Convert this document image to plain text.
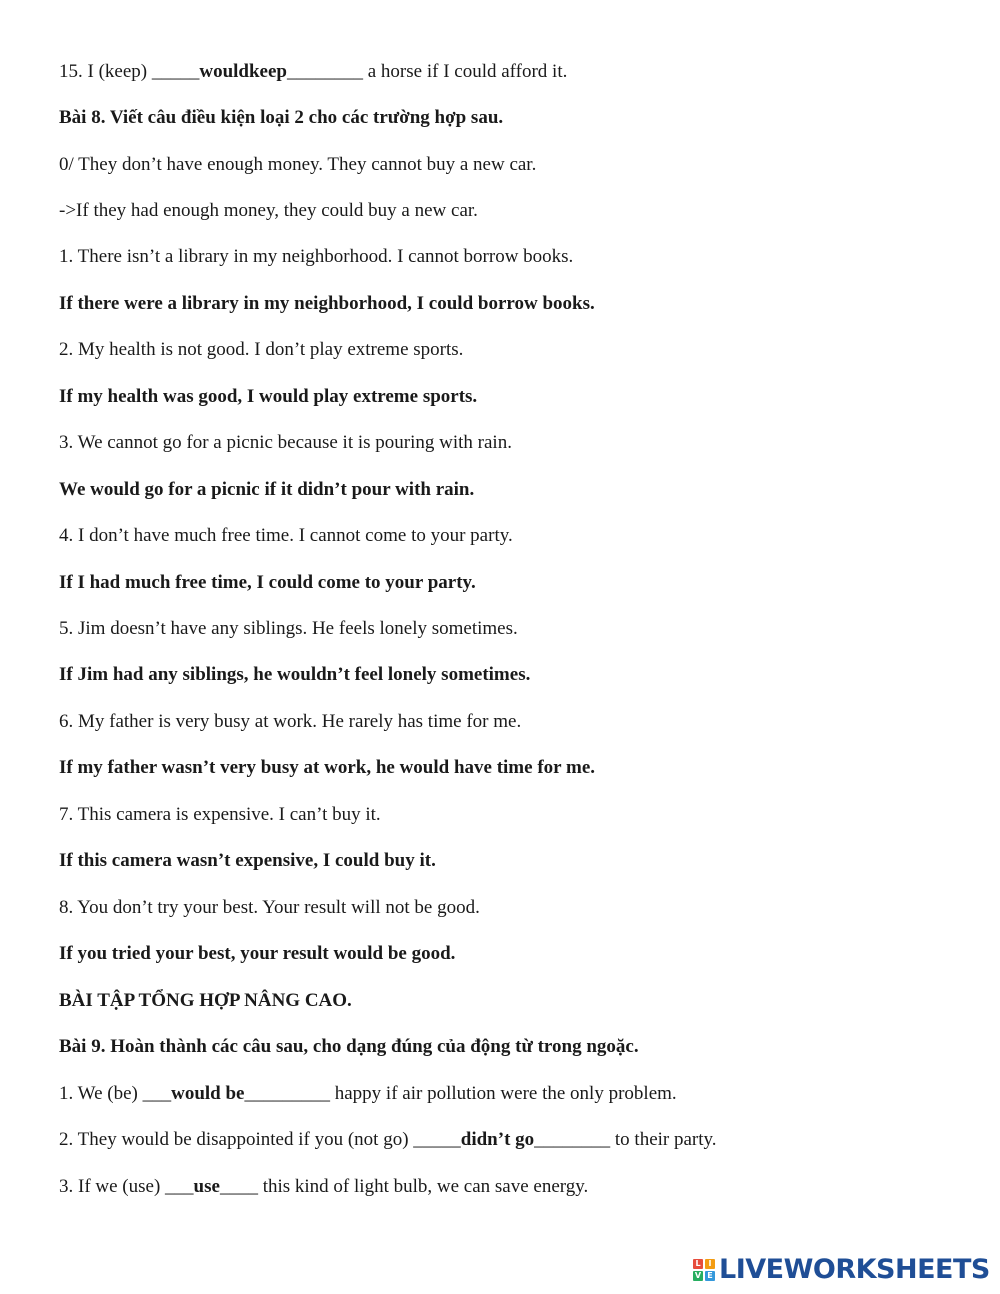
15. I (keep) _____wouldkeep________ a horse if I could afford it.
Bài 8. Viết câu điều kiện loại 2 cho các trường hợp sau.
0/ They don’t have enough money. They cannot buy a new car.
->If they had enough money, they could buy a new car.
1. There isn’t a library in my neighborhood. I cannot borrow books.
If there were a library in my neighborhood, I could borrow books.
2. My health is not good. I don’t play extreme sports.
If my health was good, I would play extreme sports.
3. We cannot go for a picnic because it is pouring with rain.
We would go for a picnic if it didn’t pour with rain.
4. I don’t have much free time. I cannot come to your party.
If I had much free time, I could come to your party.
5. Jim doesn’t have any siblings. He feels lonely sometimes.
If Jim had any siblings, he wouldn’t feel lonely sometimes.
6. My father is very busy at work. He rarely has time for me.
If my father wasn’t very busy at work, he would have time for me.
7. This camera is expensive. I can’t buy it.
If this camera wasn’t expensive, I could buy it.
8. You don’t try your best. Your result will not be good.
If you tried your best, your result would be good.
BÀI TẬP TỔNG HỢP NÂNG CAO.
Bài 9. Hoàn thành các câu sau, cho dạng đúng của động từ trong ngoặc.
1. We (be) ___would be_________ happy if air pollution were the only problem.
2. They would be disappointed if you (not go) _____didn’t go________ to their party.
3. If we (use) ___use____ this kind of light bulb, we can save energy.
L I
V E LIVEWORKSHEETS
